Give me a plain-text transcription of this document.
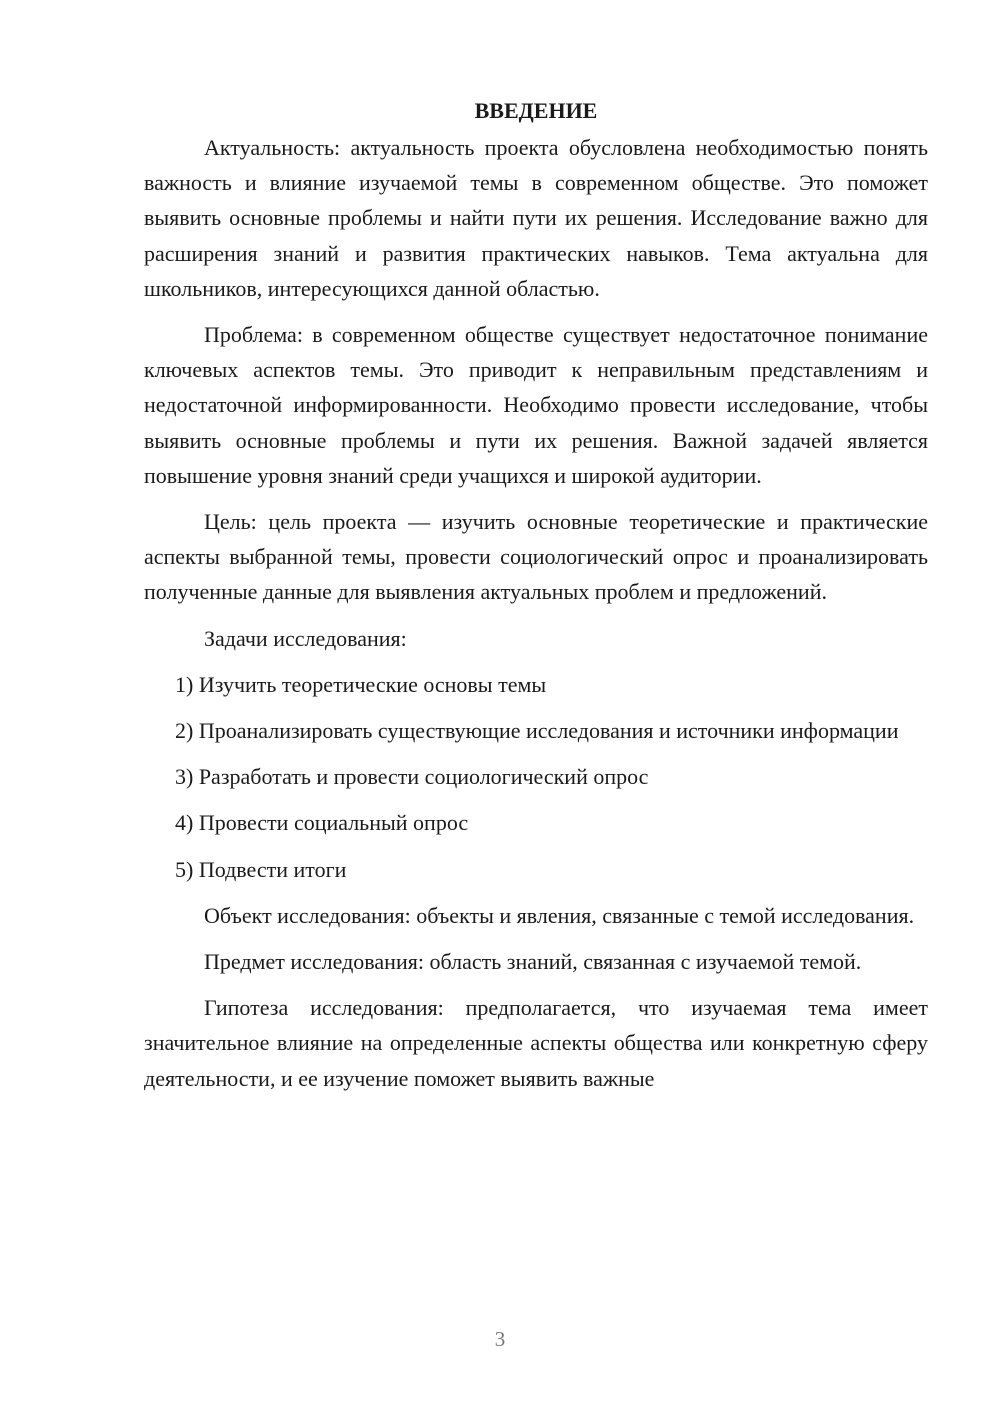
ВВЕДЕНИЕ

Актуальность: актуальность проекта обусловлена необходимостью понять важность и влияние изучаемой темы в современном обществе. Это поможет выявить основные проблемы и найти пути их решения. Исследование важно для расширения знаний и развития практических навыков. Тема актуальна для школьников, интересующихся данной областью.

Проблема: в современном обществе существует недостаточное понимание ключевых аспектов темы. Это приводит к неправильным представлениям и недостаточной информированности. Необходимо провести исследование, чтобы выявить основные проблемы и пути их решения. Важной задачей является повышение уровня знаний среди учащихся и широкой аудитории.

Цель: цель проекта — изучить основные теоретические и практические аспекты выбранной темы, провести социологический опрос и проанализировать полученные данные для выявления актуальных проблем и предложений.

Задачи исследования:

1) Изучить теоретические основы темы

2) Проанализировать существующие исследования и источники информации

3) Разработать и провести социологический опрос

4) Провести социальный опрос

5) Подвести итоги

Объект исследования: объекты и явления, связанные с темой исследования.

Предмет исследования: область знаний, связанная с изучаемой темой.

Гипотеза исследования: предполагается, что изучаемая тема имеет значительное влияние на определенные аспекты общества или конкретную сферу деятельности, и ее изучение поможет выявить важные

3
